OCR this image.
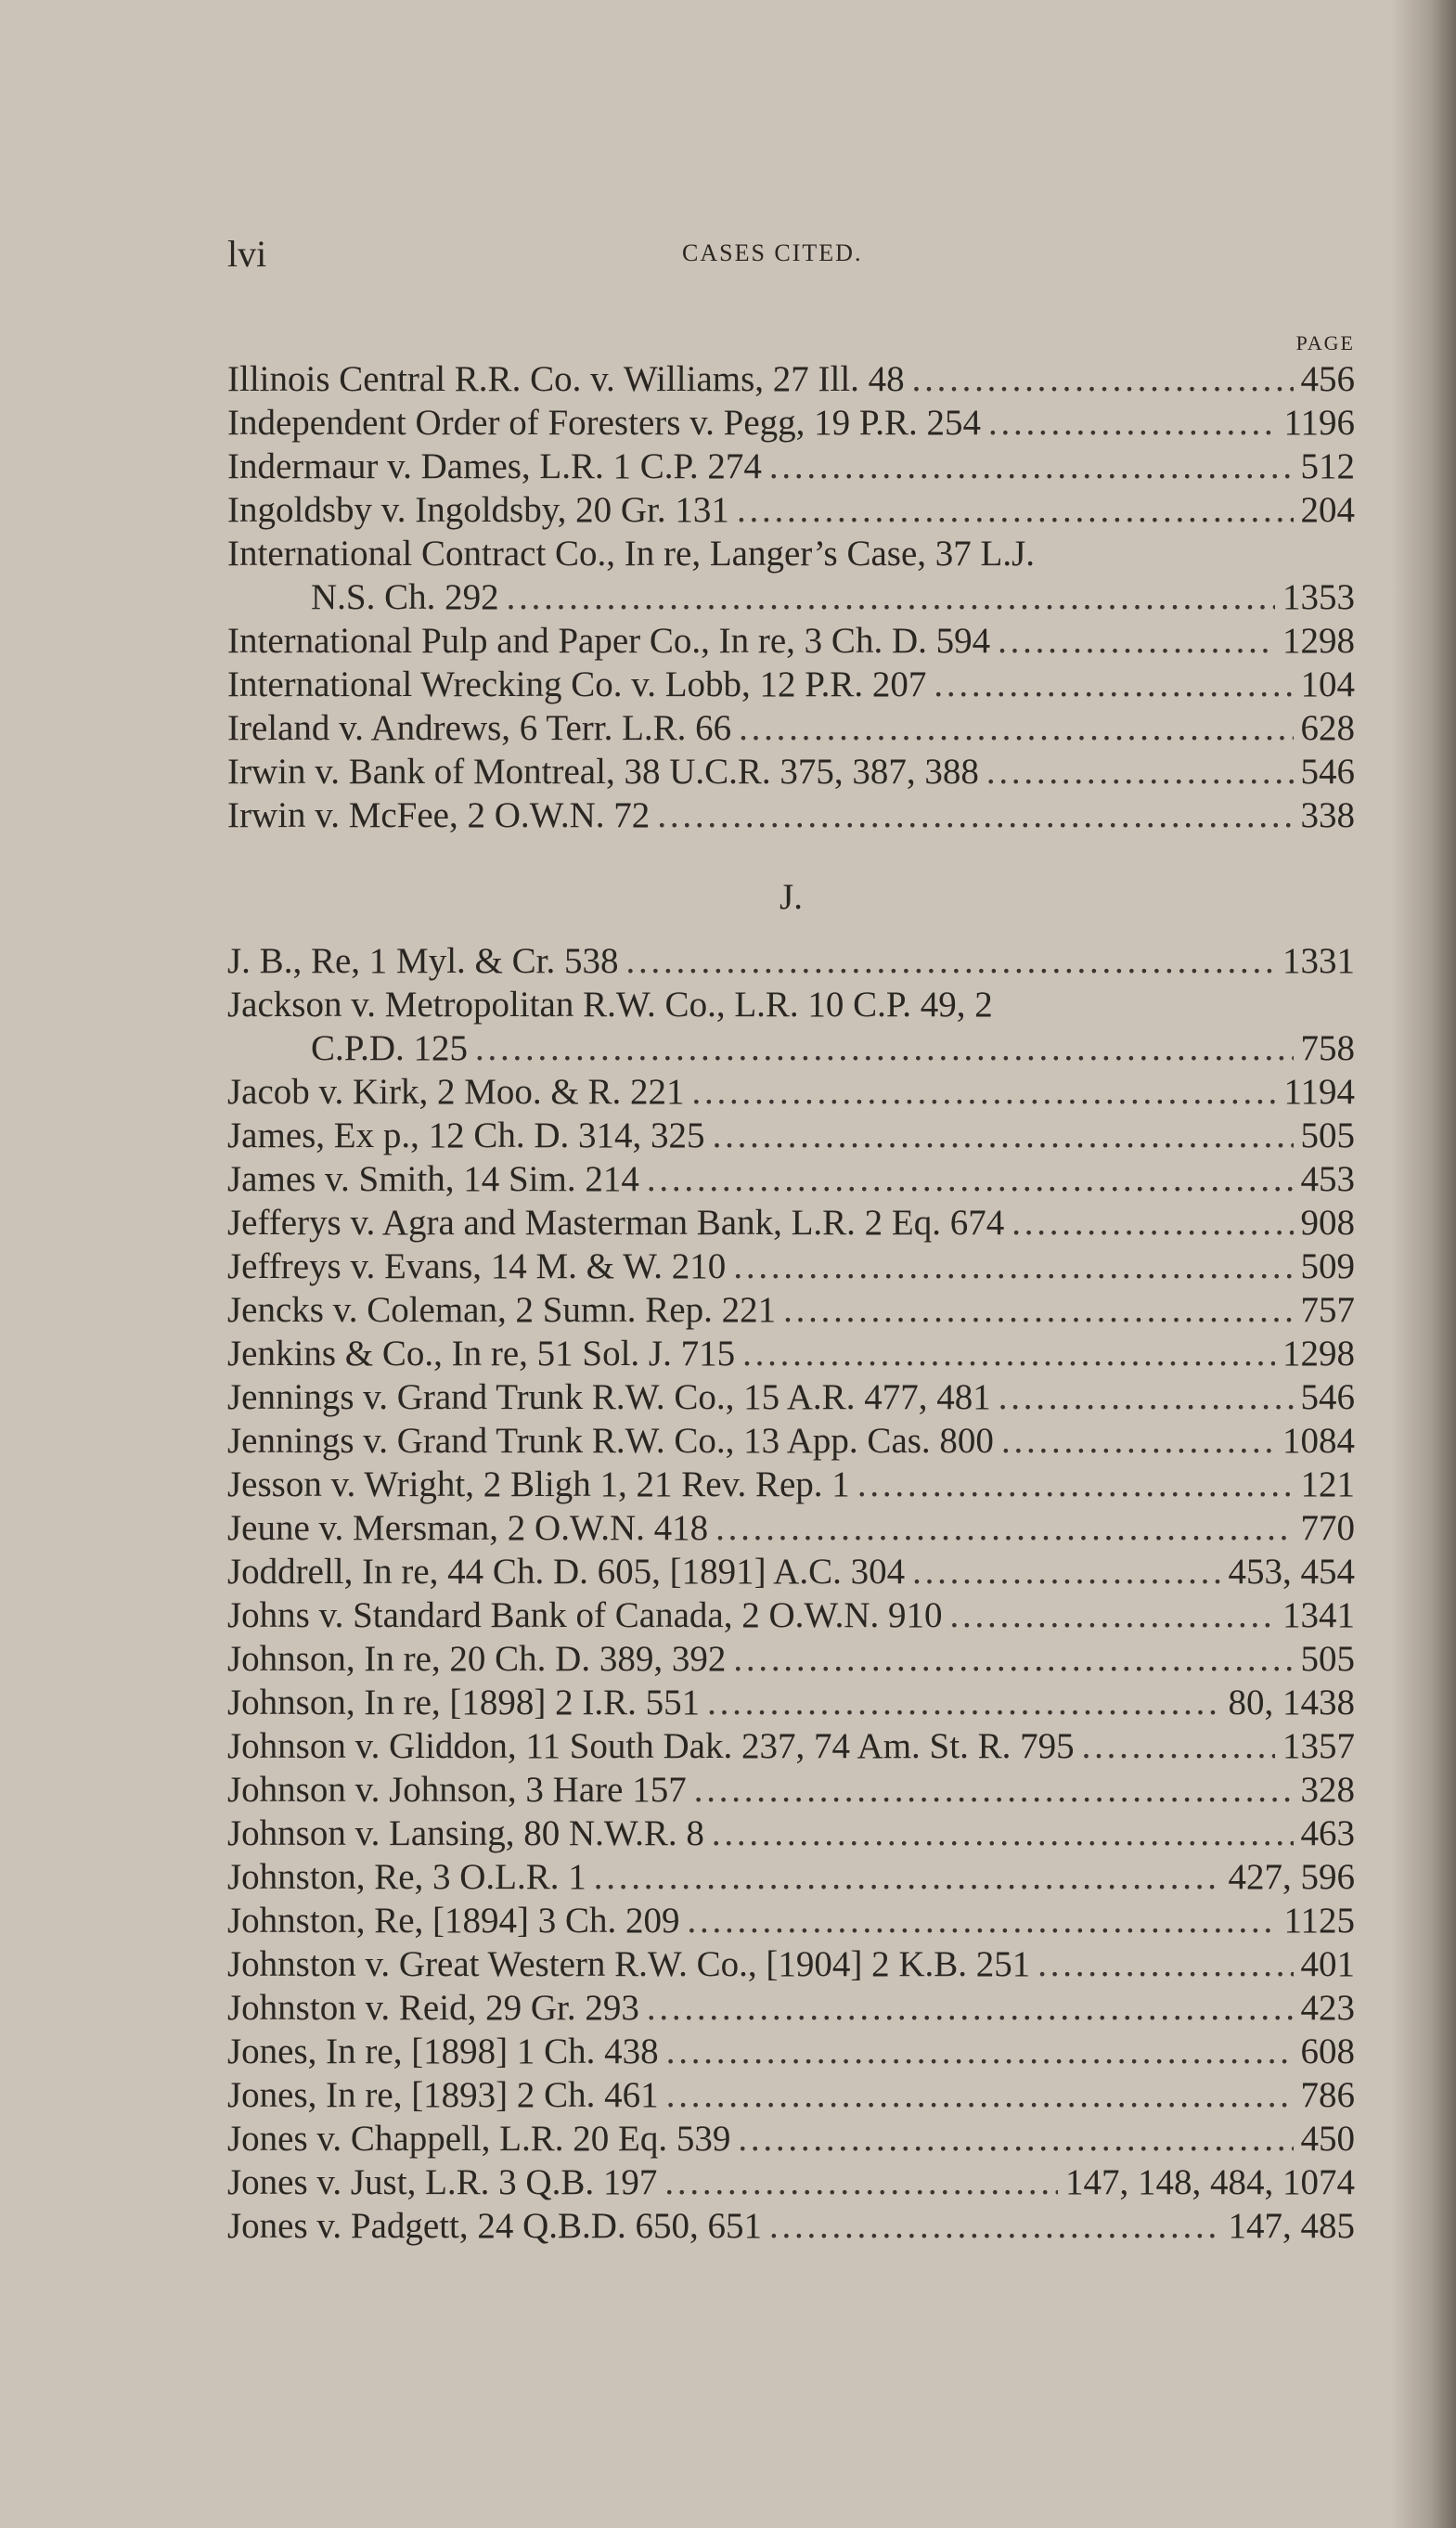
lvi	CASES CITED.
PAGE
Illinois Central R.R. Co. v. Williams, 27 Ill. 48 . . .	456
Independent Order of Foresters v. Pegg, 19 P.R. 254 . . .	1196
Indermaur v. Dames, L.R. 1 C.P. 274 . . .	512
Ingoldsby v. Ingoldsby, 20 Gr. 131 . . .	204
International Contract Co., In re, Langer’s Case, 37 L.J.
N.S. Ch. 292 . . .	1353
International Pulp and Paper Co., In re, 3 Ch. D. 594 . . .	1298
International Wrecking Co. v. Lobb, 12 P.R. 207 . . .	104
Ireland v. Andrews, 6 Terr. L.R. 66 . . .	628
Irwin v. Bank of Montreal, 38 U.C.R. 375, 387, 388 . . .	546
Irwin v. McFee, 2 O.W.N. 72 . . .	338
J.
J. B., Re, 1 Myl. & Cr. 538 . . .	1331
Jackson v. Metropolitan R.W. Co., L.R. 10 C.P. 49, 2
C.P.D. 125 . . .	758
Jacob v. Kirk, 2 Moo. & R. 221 . . .	1194
James, Ex p., 12 Ch. D. 314, 325 . . .	505
James v. Smith, 14 Sim. 214 . . .	453
Jefferys v. Agra and Masterman Bank, L.R. 2 Eq. 674 . . .	908
Jeffreys v. Evans, 14 M. & W. 210 . . .	509
Jencks v. Coleman, 2 Sumn. Rep. 221 . . .	757
Jenkins & Co., In re, 51 Sol. J. 715 . . .	1298
Jennings v. Grand Trunk R.W. Co., 15 A.R. 477, 481 . . .	546
Jennings v. Grand Trunk R.W. Co., 13 App. Cas. 800 . . .	1084
Jesson v. Wright, 2 Bligh 1, 21 Rev. Rep. 1 . . .	121
Jeune v. Mersman, 2 O.W.N. 418 . . .	770
Joddrell, In re, 44 Ch. D. 605, [1891] A.C. 304 . . .	453, 454
Johns v. Standard Bank of Canada, 2 O.W.N. 910 . . .	1341
Johnson, In re, 20 Ch. D. 389, 392 . . .	505
Johnson, In re, [1898] 2 I.R. 551 . . .	80, 1438
Johnson v. Gliddon, 11 South Dak. 237, 74 Am. St. R. 795 . . .	1357
Johnson v. Johnson, 3 Hare 157 . . .	328
Johnson v. Lansing, 80 N.W.R. 8 . . .	463
Johnston, Re, 3 O.L.R. 1 . . .	427, 596
Johnston, Re, [1894] 3 Ch. 209 . . .	1125
Johnston v. Great Western R.W. Co., [1904] 2 K.B. 251 . . .	401
Johnston v. Reid, 29 Gr. 293 . . .	423
Jones, In re, [1898] 1 Ch. 438 . . .	608
Jones, In re, [1893] 2 Ch. 461 . . .	786
Jones v. Chappell, L.R. 20 Eq. 539 . . .	450
Jones v. Just, L.R. 3 Q.B. 197 . . .	147, 148, 484, 1074
Jones v. Padgett, 24 Q.B.D. 650, 651 . . .	147, 485
